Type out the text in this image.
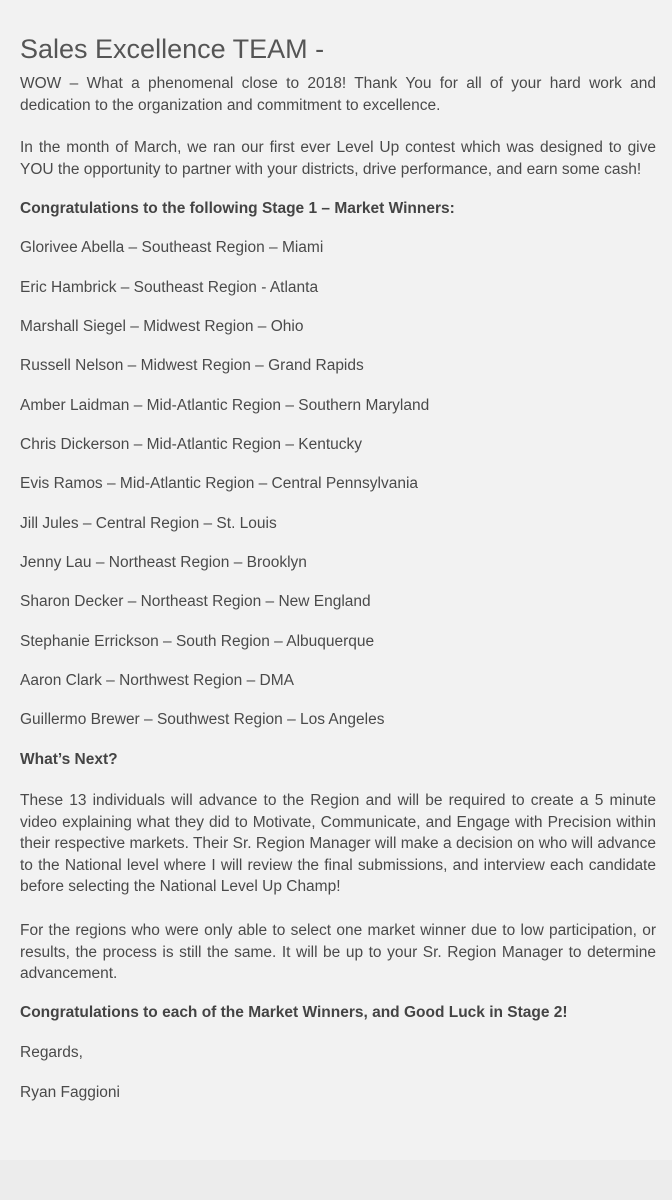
Sales Excellence TEAM -
WOW – What a phenomenal close to 2018! Thank You for all of your hard work and dedication to the organization and commitment to excellence.
In the month of March, we ran our first ever Level Up contest which was designed to give YOU the opportunity to partner with your districts, drive performance, and earn some cash!
Congratulations to the following Stage 1 – Market Winners:
Glorivee Abella – Southeast Region – Miami
Eric Hambrick – Southeast Region - Atlanta
Marshall Siegel – Midwest Region – Ohio
Russell Nelson – Midwest Region – Grand Rapids
Amber Laidman – Mid-Atlantic Region – Southern Maryland
Chris Dickerson – Mid-Atlantic Region – Kentucky
Evis Ramos – Mid-Atlantic Region – Central Pennsylvania
Jill Jules – Central Region – St. Louis
Jenny Lau – Northeast Region – Brooklyn
Sharon Decker – Northeast Region – New England
Stephanie Errickson – South Region – Albuquerque
Aaron Clark – Northwest Region – DMA
Guillermo Brewer – Southwest Region – Los Angeles
What’s Next?
These 13 individuals will advance to the Region and will be required to create a 5 minute video explaining what they did to Motivate, Communicate, and Engage with Precision within their respective markets. Their Sr. Region Manager will make a decision on who will advance to the National level where I will review the final submissions, and interview each candidate before selecting the National Level Up Champ!
For the regions who were only able to select one market winner due to low participation, or results, the process is still the same. It will be up to your Sr. Region Manager to determine advancement.
Congratulations to each of the Market Winners, and Good Luck in Stage 2!
Regards,
Ryan Faggioni
